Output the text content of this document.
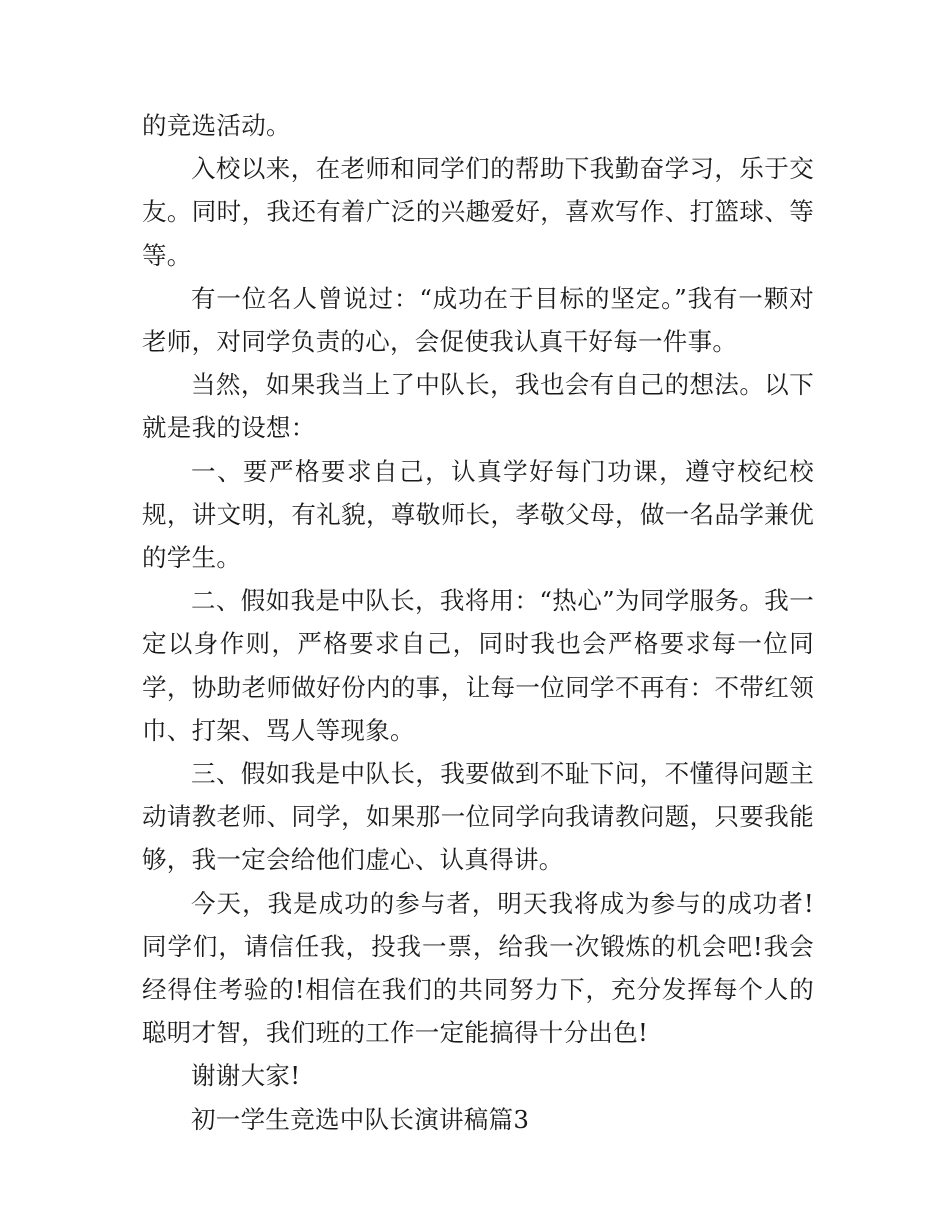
的竞选活动。

入校以来，在老师和同学们的帮助下我勤奋学习，乐于交友。同时，我还有着广泛的兴趣爱好，喜欢写作、打篮球、等等。

有一位名人曾说过：“成功在于目标的坚定。”我有一颗对老师，对同学负责的心，会促使我认真干好每一件事。

当然，如果我当上了中队长，我也会有自己的想法。以下就是我的设想：

一、要严格要求自己，认真学好每门功课，遵守校纪校规，讲文明，有礼貌，尊敬师长，孝敬父母，做一名品学兼优的学生。

二、假如我是中队长，我将用：“热心”为同学服务。我一定以身作则，严格要求自己，同时我也会严格要求每一位同学，协助老师做好份内的事，让每一位同学不再有：不带红领巾、打架、骂人等现象。

三、假如我是中队长，我要做到不耻下问，不懂得问题主动请教老师、同学，如果那一位同学向我请教问题，只要我能够，我一定会给他们虚心、认真得讲。

今天，我是成功的参与者，明天我将成为参与的成功者!同学们，请信任我，投我一票，给我一次锻炼的机会吧!我会经得住考验的!相信在我们的共同努力下，充分发挥每个人的聪明才智，我们班的工作一定能搞得十分出色!

谢谢大家!

初一学生竞选中队长演讲稿篇3
